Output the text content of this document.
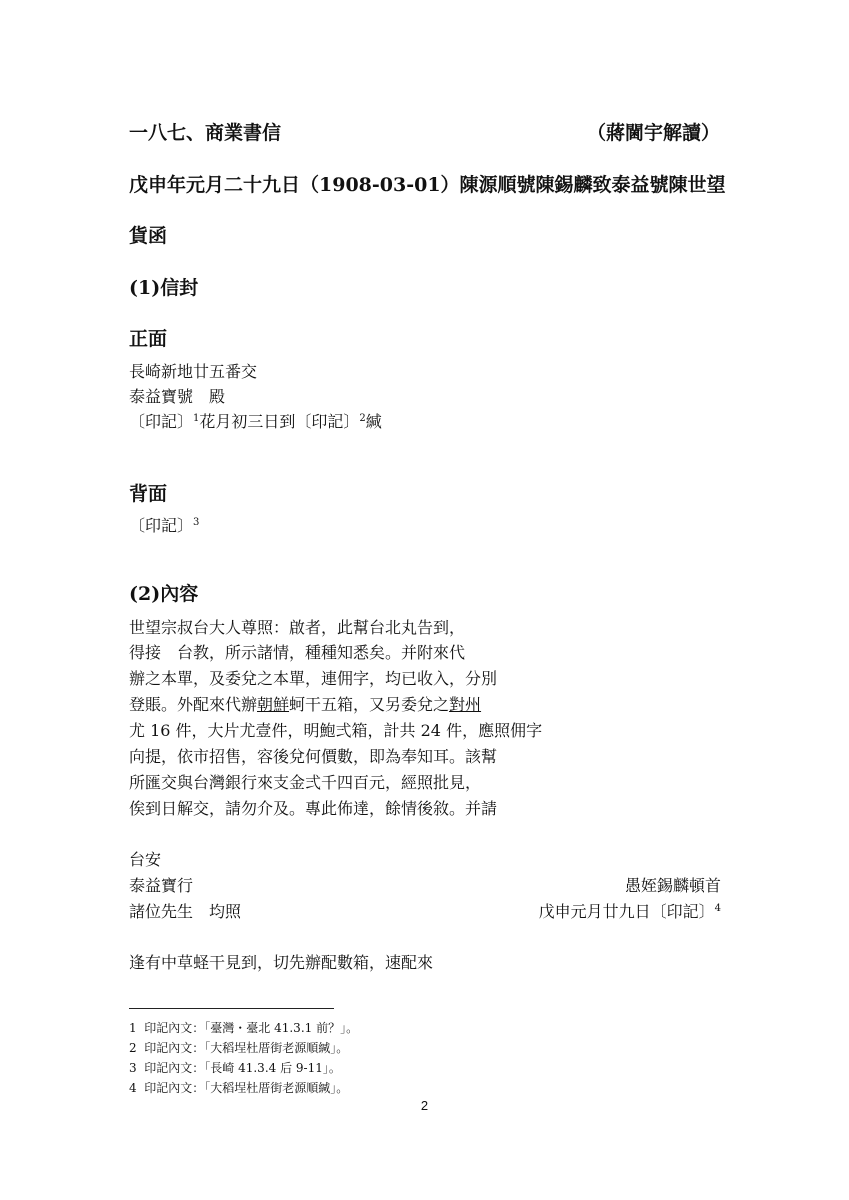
一八七、商業書信	（蔣閫宇解讀）
戊申年元月二十九日（1908-03-01）陳源順號陳錫麟致泰益號陳世望
貨函
(1)信封
正面
長崎新地廿五番交
泰益寶號　殿
〔印記〕$^1$花月初三日到〔印記〕$^2$緘
背面
〔印記〕$^3$
(2)內容
世望宗叔台大人尊照：啟者，此幫台北丸告到，
得接　台教，所示諸情，種種知悉矣。并附來代
辦之本單，及委兌之本單，連佣字，均已收入，分別
登賬。外配來代辦朝鮮蚵干五箱，又另委兌之對州
尤 16 件，大片尤壹件，明鮑弍箱，計共 24 件，應照佣字
向提，依市招售，容後兌何價數，即為奉知耳。該幫
所匯交與台灣銀行來支金弍千四百元，經照批見，
俟到日解交，請勿介及。專此佈達，餘情後敘。并請
台安
泰益寶行	愚姪錫麟頓首
諸位先生　均照	戊申元月廿九日〔印記〕$^4$
逢有中草蛏干見到，切先辦配數箱，速配來
1 印記內文：「臺灣・臺北 41.3.1 前？」。
2 印記內文：「大稻埕杜厝街老源順緘」。
3 印記內文：「長崎 41.3.4 后 9-11」。
4 印記內文：「大稻埕杜厝街老源順緘」。
2
